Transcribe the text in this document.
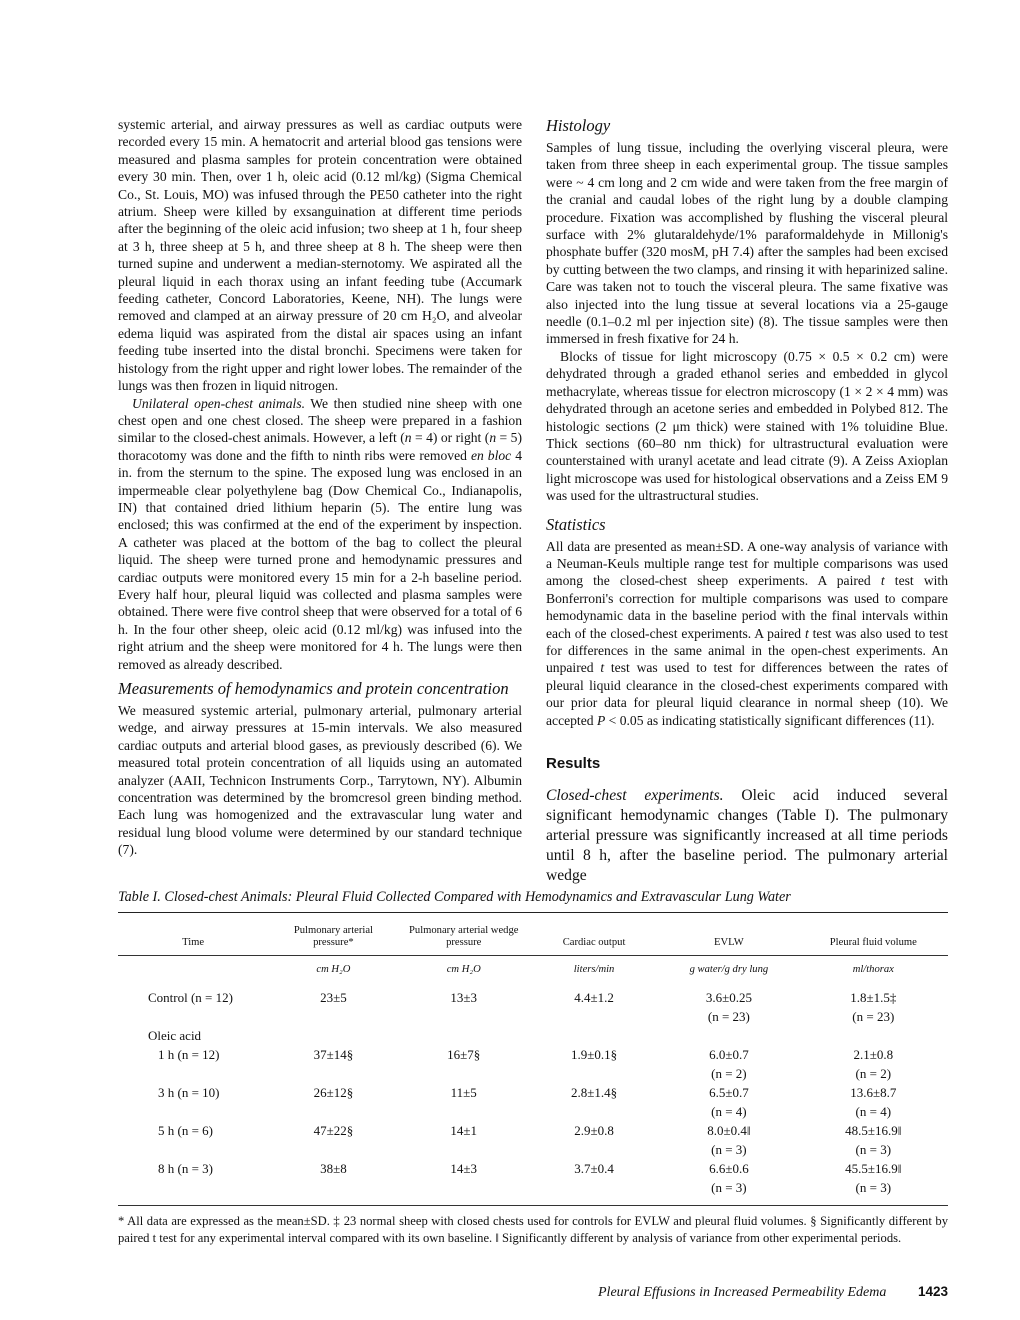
systemic arterial, and airway pressures as well as cardiac outputs were recorded every 15 min. A hematocrit and arterial blood gas tensions were measured and plasma samples for protein concentration were obtained every 30 min. Then, over 1 h, oleic acid (0.12 ml/kg) (Sigma Chemical Co., St. Louis, MO) was infused through the PE50 catheter into the right atrium. Sheep were killed by exsanguination at different time periods after the beginning of the oleic acid infusion; two sheep at 1 h, four sheep at 3 h, three sheep at 5 h, and three sheep at 8 h. The sheep were then turned supine and underwent a median-sternotomy. We aspirated all the pleural liquid in each thorax using an infant feeding tube (Accumark feeding catheter, Concord Laboratories, Keene, NH). The lungs were removed and clamped at an airway pressure of 20 cm H₂O, and alveolar edema liquid was aspirated from the distal air spaces using an infant feeding tube inserted into the distal bronchi. Specimens were taken for histology from the right upper and right lower lobes. The remainder of the lungs was then frozen in liquid nitrogen.

Unilateral open-chest animals. We then studied nine sheep with one chest open and one chest closed. The sheep were prepared in a fashion similar to the closed-chest animals. However, a left (n = 4) or right (n = 5) thoracotomy was done and the fifth to ninth ribs were removed en bloc 4 in. from the sternum to the spine. The exposed lung was enclosed in an impermeable clear polyethylene bag (Dow Chemical Co., Indianapolis, IN) that contained dried lithium heparin (5). The entire lung was enclosed; this was confirmed at the end of the experiment by inspection. A catheter was placed at the bottom of the bag to collect the pleural liquid. The sheep were turned prone and hemodynamic pressures and cardiac outputs were monitored every 15 min for a 2-h baseline period. Every half hour, pleural liquid was collected and plasma samples were obtained. There were five control sheep that were observed for a total of 6 h. In the four other sheep, oleic acid (0.12 ml/kg) was infused into the right atrium and the sheep were monitored for 4 h. The lungs were then removed as already described.

Measurements of hemodynamics and protein concentration

We measured systemic arterial, pulmonary arterial, pulmonary arterial wedge, and airway pressures at 15-min intervals. We also measured cardiac outputs and arterial blood gases, as previously described (6). We measured total protein concentration of all liquids using an automated analyzer (AAII, Technicon Instruments Corp., Tarrytown, NY). Albumin concentration was determined by the bromcresol green binding method. Each lung was homogenized and the extravascular lung water and residual lung blood volume were determined by our standard technique (7).

Histology

Samples of lung tissue, including the overlying visceral pleura, were taken from three sheep in each experimental group. The tissue samples were ~ 4 cm long and 2 cm wide and were taken from the free margin of the cranial and caudal lobes of the right lung by a double clamping procedure. Fixation was accomplished by flushing the visceral pleural surface with 2% glutaraldehyde/1% paraformaldehyde in Millonig's phosphate buffer (320 mosM, pH 7.4) after the samples had been excised by cutting between the two clamps, and rinsing it with heparinized saline. Care was taken not to touch the visceral pleura. The same fixative was also injected into the lung tissue at several locations via a 25-gauge needle (0.1–0.2 ml per injection site) (8). The tissue samples were then immersed in fresh fixative for 24 h.

Blocks of tissue for light microscopy (0.75 × 0.5 × 0.2 cm) were dehydrated through a graded ethanol series and embedded in glycol methacrylate, whereas tissue for electron microscopy (1 × 2 × 4 mm) was dehydrated through an acetone series and embedded in Polybed 812. The histologic sections (2 μm thick) were stained with 1% toluidine Blue. Thick sections (60–80 nm thick) for ultrastructural evaluation were counterstained with uranyl acetate and lead citrate (9). A Zeiss Axioplan light microscope was used for histological observations and a Zeiss EM 9 was used for the ultrastructural studies.

Statistics

All data are presented as mean±SD. A one-way analysis of variance with a Neuman-Keuls multiple range test for multiple comparisons was used among the closed-chest sheep experiments. A paired t test with Bonferroni's correction for multiple comparisons was used to compare hemodynamic data in the baseline period with the final intervals within each of the closed-chest experiments. A paired t test was also used to test for differences in the same animal in the open-chest experiments. An unpaired t test was used to test for differences between the rates of pleural liquid clearance in the closed-chest experiments compared with our prior data for pleural liquid clearance in normal sheep (10). We accepted P < 0.05 as indicating statistically significant differences (11).

Results

Closed-chest experiments. Oleic acid induced several significant hemodynamic changes (Table I). The pulmonary arterial pressure was significantly increased at all time periods until 8 h, after the baseline period. The pulmonary arterial wedge

Table I. Closed-chest Animals: Pleural Fluid Collected Compared with Hemodynamics and Extravascular Lung Water
Time	Pulmonary arterial pressure*	Pulmonary arterial wedge pressure	Cardiac output	EVLW	Pleural fluid volume

	cm H₂O	cm H₂O	liters/min	g water/g dry lung	ml/thorax
Control (n = 12)	23±5	13±3	4.4±1.2	3.6±0.25	1.8±1.5‡
				(n = 23)	(n = 23)
Oleic acid					
1 h (n = 12)	37±14§	16±7§	1.9±0.1§	6.0±0.7	2.1±0.8
				(n = 2)	(n = 2)
3 h (n = 10)	26±12§	11±5	2.8±1.4§	6.5±0.7	13.6±8.7
				(n = 4)	(n = 4)
5 h (n = 6)	47±22§	14±1	2.9±0.8	8.0±0.4‖	48.5±16.9‖
				(n = 3)	(n = 3)
8 h (n = 3)	38±8	14±3	3.7±0.4	6.6±0.6	45.5±16.9‖
				(n = 3)	(n = 3)
* All data are expressed as the mean±SD. ‡ 23 normal sheep with closed chests used for controls for EVLW and pleural fluid volumes. § Significantly different by paired t test for any experimental interval compared with its own baseline. ‖ Significantly different by analysis of variance from other experimental periods.
Pleural Effusions in Increased Permeability Edema 1423
